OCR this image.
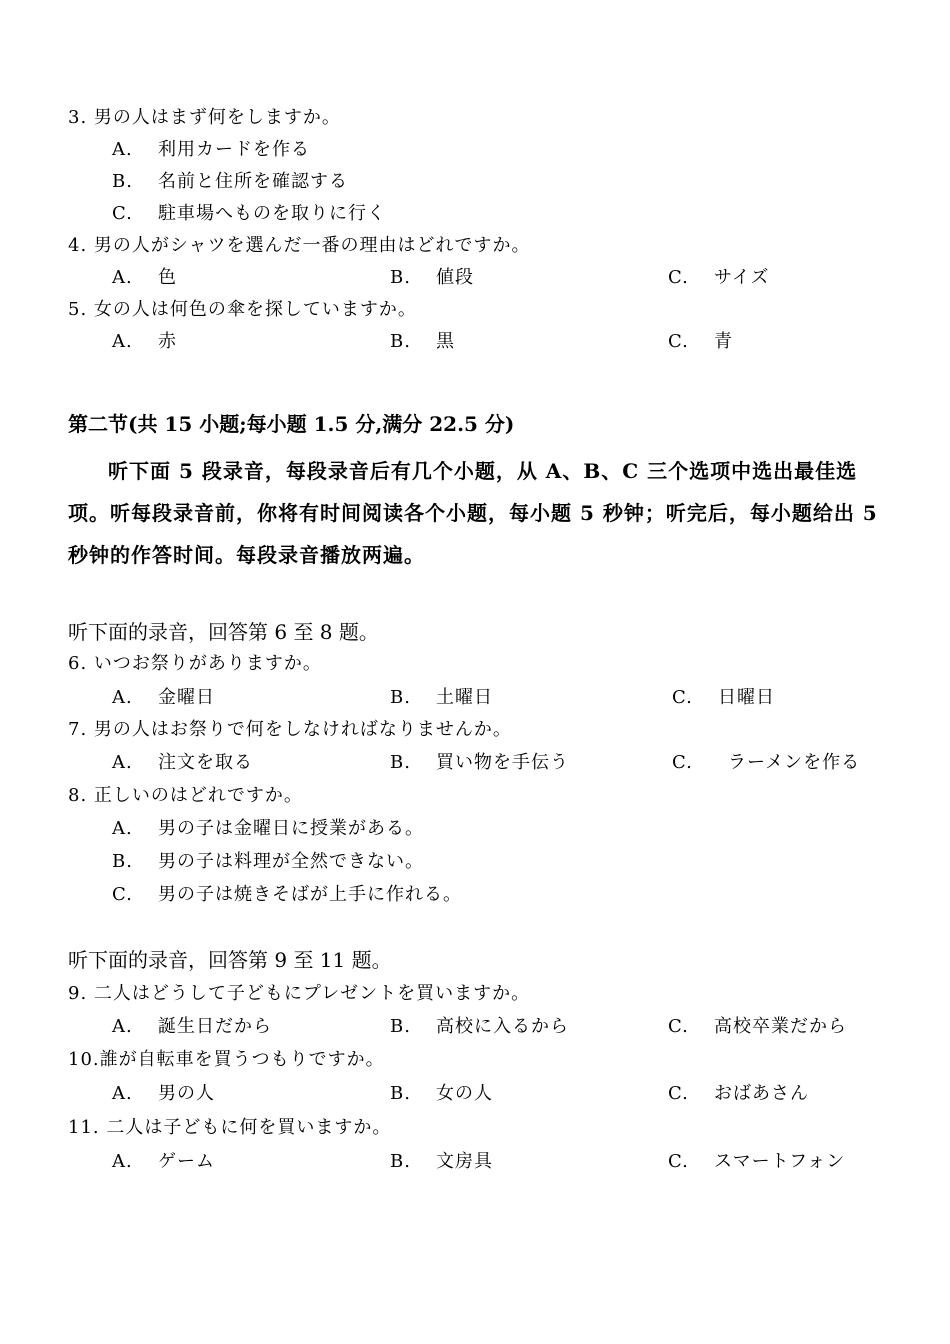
3. 男の人はまず何をしますか。
A. 利用カードを作る
B. 名前と住所を確認する
C. 駐車場へものを取りに行く
4. 男の人がシャツを選んだ一番の理由はどれですか。
A. 色	B. 値段	C. サイズ
5. 女の人は何色の傘を探していますか。
A. 赤	B. 黒	C. 青
第二节(共 15 小题;每小题 1.5 分,满分 22.5 分)
听下面 5 段录音，每段录音后有几个小题，从 A、B、C 三个选项中选出最佳选项。听每段录音前，你将有时间阅读各个小题，每小题 5 秒钟；听完后，每小题给出 5 秒钟的作答时间。每段录音播放两遍。
听下面的录音，回答第 6 至 8 题。
6. いつお祭りがありますか。
A. 金曜日	B. 土曜日	C. 日曜日
7. 男の人はお祭りで何をしなければなりませんか。
A. 注文を取る	B. 買い物を手伝う	C. ラーメンを作る
8. 正しいのはどれですか。
A. 男の子は金曜日に授業がある。
B. 男の子は料理が全然できない。
C. 男の子は焼きそばが上手に作れる。
听下面的录音，回答第 9 至 11 题。
9. 二人はどうして子どもにプレゼントを買いますか。
A. 誕生日だから	B. 高校に入るから	C. 高校卒業だから
10.誰が自転車を買うつもりですか。
A. 男の人	B. 女の人	C. おばあさん
11. 二人は子どもに何を買いますか。
A. ゲーム	B. 文房具	C. スマートフォン
